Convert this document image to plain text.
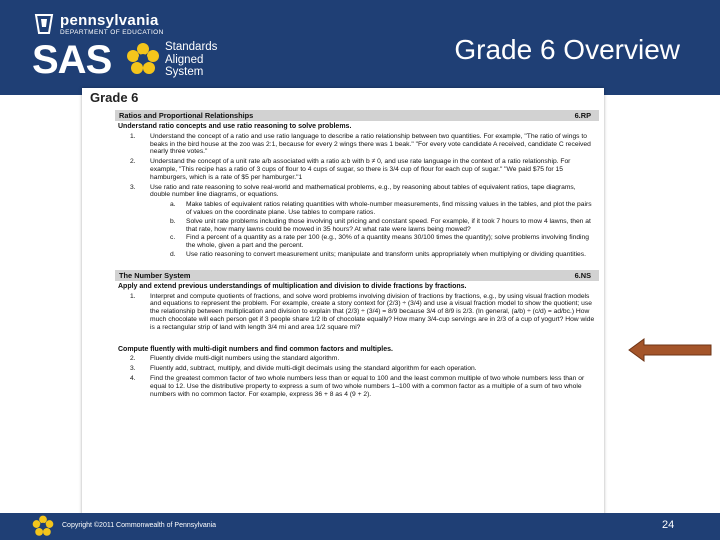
pennsylvania
DEPARTMENT OF EDUCATION
SAS	Standards
Aligned
System
Grade 6 Overview
Grade 6
Ratios and Proportional Relationships	6.RP
Understand ratio concepts and use ratio reasoning to solve problems.
1. Understand the concept of a ratio and use ratio language to describe a ratio relationship between two quantities. For example, "The ratio of wings to beaks in the bird house at the zoo was 2:1, because for every 2 wings there was 1 beak." "For every vote candidate A received, candidate C received nearly three votes."
2. Understand the concept of a unit rate a/b associated with a ratio a:b with b ≠ 0, and use rate language in the context of a ratio relationship. For example, "This recipe has a ratio of 3 cups of flour to 4 cups of sugar, so there is 3/4 cup of flour for each cup of sugar." "We paid $75 for 15 hamburgers, which is a rate of $5 per hamburger."1
3. Use ratio and rate reasoning to solve real-world and mathematical problems, e.g., by reasoning about tables of equivalent ratios, tape diagrams, double number line diagrams, or equations.
a. Make tables of equivalent ratios relating quantities with whole-number measurements, find missing values in the tables, and plot the pairs of values on the coordinate plane. Use tables to compare ratios.
b. Solve unit rate problems including those involving unit pricing and constant speed. For example, if it took 7 hours to mow 4 lawns, then at that rate, how many lawns could be mowed in 35 hours? At what rate were lawns being mowed?
c. Find a percent of a quantity as a rate per 100 (e.g., 30% of a quantity means 30/100 times the quantity); solve problems involving finding the whole, given a part and the percent.
d. Use ratio reasoning to convert measurement units; manipulate and transform units appropriately when multiplying or dividing quantities.
The Number System	6.NS
Apply and extend previous understandings of multiplication and division to divide fractions by fractions.
1. Interpret and compute quotients of fractions, and solve word problems involving division of fractions by fractions, e.g., by using visual fraction models and equations to represent the problem. For example, create a story context for (2/3) ÷ (3/4) and use a visual fraction model to show the quotient; use the relationship between multiplication and division to explain that (2/3) ÷ (3/4) = 8/9 because 3/4 of 8/9 is 2/3. (In general, (a/b) ÷ (c/d) = ad/bc.) How much chocolate will each person get if 3 people share 1/2 lb of chocolate equally? How many 3/4-cup servings are in 2/3 of a cup of yogurt? How wide is a rectangular strip of land with length 3/4 mi and area 1/2 square mi?
Compute fluently with multi-digit numbers and find common factors and multiples.
2. Fluently divide multi-digit numbers using the standard algorithm.
3. Fluently add, subtract, multiply, and divide multi-digit decimals using the standard algorithm for each operation.
4. Find the greatest common factor of two whole numbers less than or equal to 100 and the least common multiple of two whole numbers less than or equal to 12. Use the distributive property to express a sum of two whole numbers 1–100 with a common factor as a multiple of a sum of two whole numbers with no common factor. For example, express 36 + 8 as 4 (9 + 2).
Copyright ©2011 Commonwealth of Pennsylvania	24
